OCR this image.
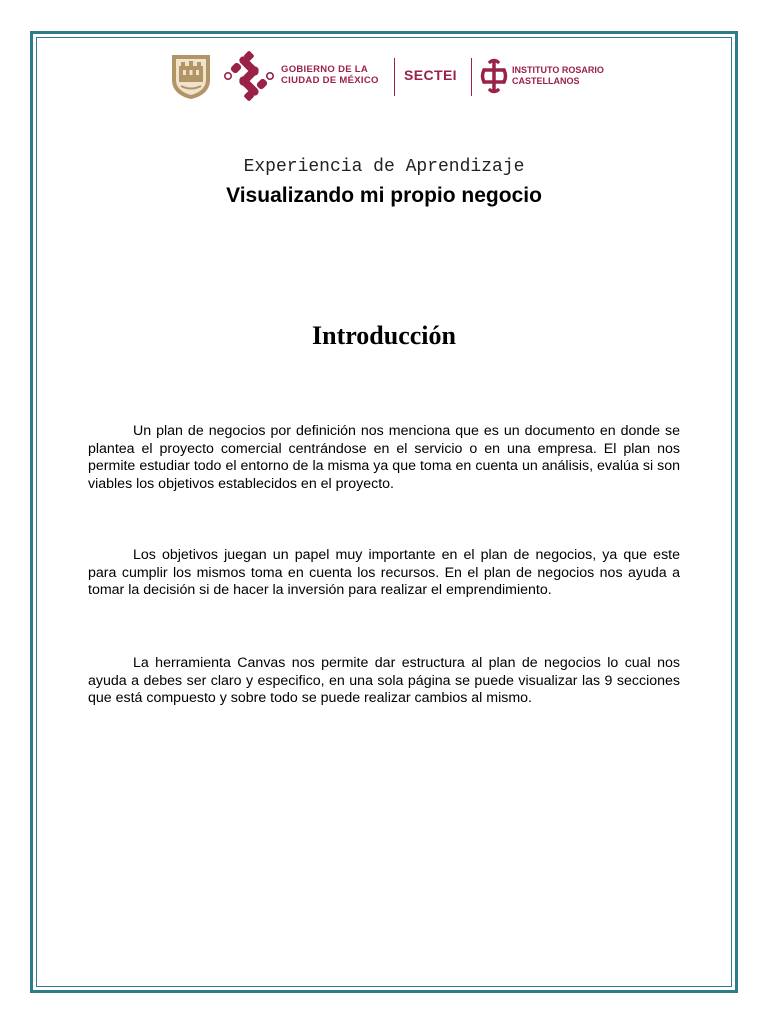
GOBIERNO DE LA
CIUDAD DE MÉXICO	SECTEI	INSTITUTO ROSARIO
CASTELLANOS
Experiencia de Aprendizaje
Visualizando mi propio negocio
Introducción

Un plan de negocios por definición nos menciona que es un documento en donde se plantea el proyecto comercial centrándose en el servicio o en una empresa. El plan nos permite estudiar todo el entorno de la misma ya que toma en cuenta un análisis, evalúa si son viables los objetivos establecidos en el proyecto.

Los objetivos juegan un papel muy importante en el plan de negocios, ya que este para cumplir los mismos toma en cuenta los recursos. En el plan de negocios nos ayuda a tomar la decisión si de hacer la inversión para realizar el emprendimiento.

La herramienta Canvas nos permite dar estructura al plan de negocios lo cual nos ayuda a debes ser claro y especifico, en una sola página se puede visualizar las 9 secciones que está compuesto y sobre todo se puede realizar cambios al mismo.
